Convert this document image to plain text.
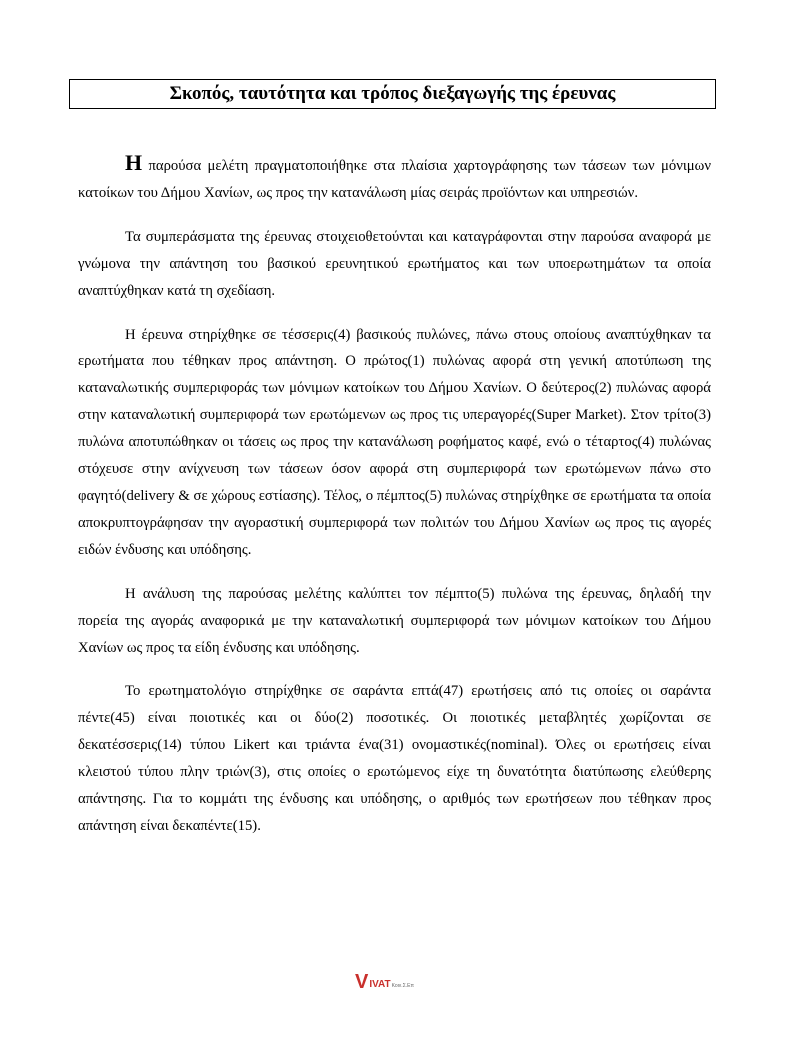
Σκοπός, ταυτότητα και τρόπος διεξαγωγής της έρευνας

Η παρούσα μελέτη πραγματοποιήθηκε στα πλαίσια χαρτογράφησης των τάσεων των μόνιμων κατοίκων του Δήμου Χανίων, ως προς την κατανάλωση μίας σειράς προϊόντων και υπηρεσιών.

Τα συμπεράσματα της έρευνας στοιχειοθετούνται και καταγράφονται στην παρούσα αναφορά με γνώμονα την απάντηση του βασικού ερευνητικού ερωτήματος και των υποερωτημάτων τα οποία αναπτύχθηκαν κατά τη σχεδίαση.

Η έρευνα στηρίχθηκε σε τέσσερις(4) βασικούς πυλώνες, πάνω στους οποίους αναπτύχθηκαν τα ερωτήματα που τέθηκαν προς απάντηση. Ο πρώτος(1) πυλώνας αφορά στη γενική αποτύπωση της καταναλωτικής συμπεριφοράς των μόνιμων κατοίκων του Δήμου Χανίων. Ο δεύτερος(2) πυλώνας αφορά στην καταναλωτική συμπεριφορά των ερωτώμενων ως προς τις υπεραγορές(Super Market). Στον τρίτο(3) πυλώνα αποτυπώθηκαν οι τάσεις ως προς την κατανάλωση ροφήματος καφέ, ενώ ο τέταρτος(4) πυλώνας στόχευσε στην ανίχνευση των τάσεων όσον αφορά στη συμπεριφορά των ερωτώμενων πάνω στο φαγητό(delivery & σε χώρους εστίασης). Τέλος, ο πέμπτος(5) πυλώνας στηρίχθηκε σε ερωτήματα τα οποία αποκρυπτογράφησαν την αγοραστική συμπεριφορά των πολιτών του Δήμου Χανίων ως προς τις αγορές ειδών ένδυσης και υπόδησης.

Η ανάλυση της παρούσας μελέτης καλύπτει τον πέμπτο(5) πυλώνα της έρευνας, δηλαδή την πορεία της αγοράς αναφορικά με την καταναλωτική συμπεριφορά των μόνιμων κατοίκων του Δήμου Χανίων ως προς τα είδη ένδυσης και υπόδησης.

Το ερωτηματολόγιο στηρίχθηκε σε σαράντα επτά(47) ερωτήσεις από τις οποίες οι σαράντα πέντε(45) είναι ποιοτικές και οι δύο(2) ποσοτικές. Οι ποιοτικές μεταβλητές χωρίζονται σε δεκατέσσερις(14) τύπου Likert και τριάντα ένα(31) ονομαστικές(nominal). Όλες οι ερωτήσεις είναι κλειστού τύπου πλην τριών(3), στις οποίες ο ερωτώμενος είχε τη δυνατότητα διατύπωσης ελεύθερης απάντησης. Για το κομμάτι της ένδυσης και υπόδησης, ο αριθμός των ερωτήσεων που τέθηκαν προς απάντηση είναι δεκαπέντε(15).

V IVAT Κοιν.Σ.Επ
